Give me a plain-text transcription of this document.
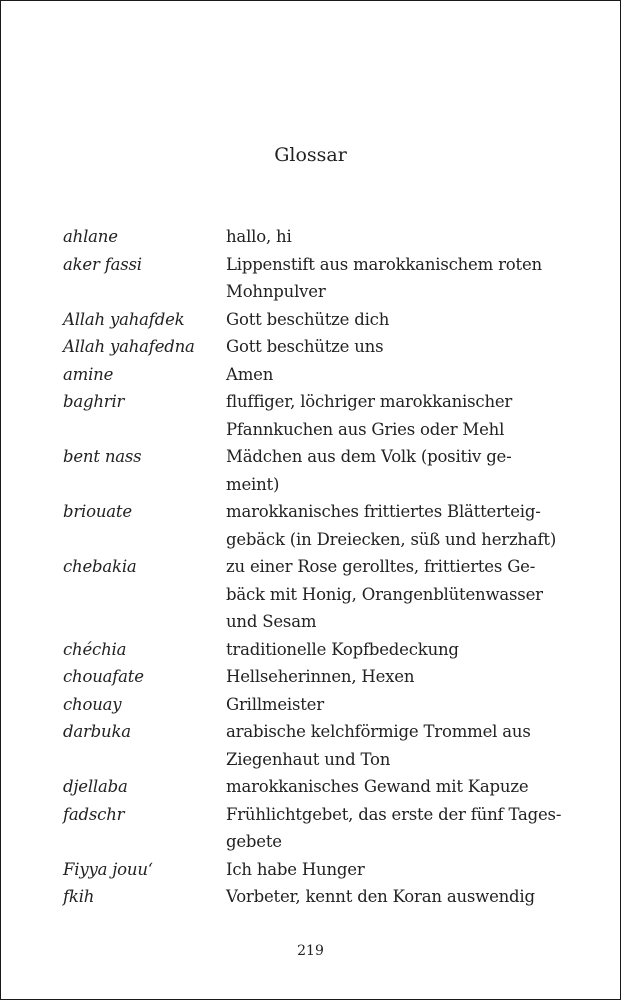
Glossar
ahlane	hallo, hi
aker fassi	Lippenstift aus marokkanischem roten
Mohnpulver
Allah yahafdek	Gott beschütze dich
Allah yahafedna	Gott beschütze uns
amine	Amen
baghrir	fluffiger, löchriger marokkanischer
Pfannkuchen aus Gries oder Mehl
bent nass	Mädchen aus dem Volk (positiv ge-
meint)
briouate	marokkanisches frittiertes Blätterteig-
gebäck (in Dreiecken, süß und herzhaft)
chebakia	zu einer Rose gerolltes, frittiertes Ge-
bäck mit Honig, Orangenblütenwasser
und Sesam
chéchia	traditionelle Kopfbedeckung
chouafate	Hellseherinnen, Hexen
chouay	Grillmeister
darbuka	arabische kelchförmige Trommel aus
Ziegenhaut und Ton
djellaba	marokkanisches Gewand mit Kapuze
fadschr	Frühlichtgebet, das erste der fünf Tages-
gebete
Fiyya jouu‘	Ich habe Hunger
fkih	Vorbeter, kennt den Koran auswendig
219
